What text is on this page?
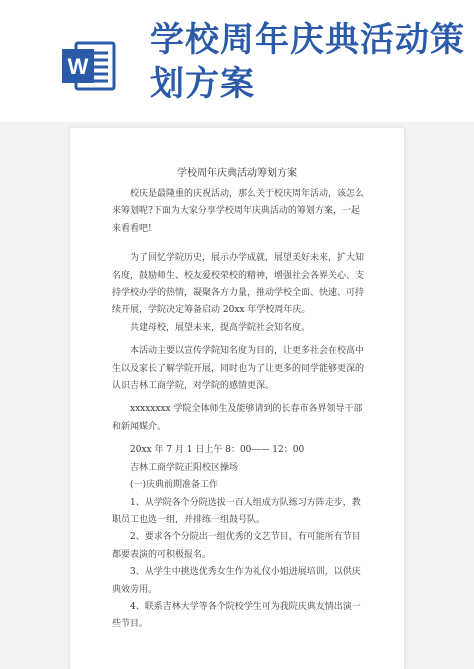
W
学校周年庆典活动策划方案
学校周年庆典活动筹划方案

校庆是最隆重的庆祝活动，那么关于校庆周年活动，该怎么来筹划呢?下面为大家分享学校周年庆典活动的筹划方案，一起来看看吧!

为了回忆学院历史，展示办学成就，展望美好未来，扩大知名度，鼓励师生、校友爱校荣校的精神，增强社会各界关心、支持学校办学的热情，凝聚各方力量，推动学校全面、快速、可持续开展，学院决定筹备启动 20xx 年学校周年庆。

共建母校，展望未来，提高学院社会知名度。

本活动主要以宣传学院知名度为目的，让更多社会在校高中生以及家长了解学院开展，同时也为了让更多的同学能够更深的认识吉林工商学院，对学院的感情更深。

xxxxxxxx 学院全体师生及能够请到的长春市各界领导干部和新闻媒介。

20xx 年 7 月 1 日上午 8：00—— 12：00

吉林工商学院正阳校区操场

(一)庆典前期准备工作

1、从学院各个分院选拔一百人组成方队练习方阵走步，教职员工也选一组，并排练一组鼓号队。

2、要求各个分院出一组优秀的文艺节目，有可能所有节目都要表演的可积极报名。

3、从学生中挑选优秀女生作为礼仪小姐进展培训，以供庆典效劳用。

4、联系吉林大学等各个院校学生可为我院庆典友情出演一些节目。
